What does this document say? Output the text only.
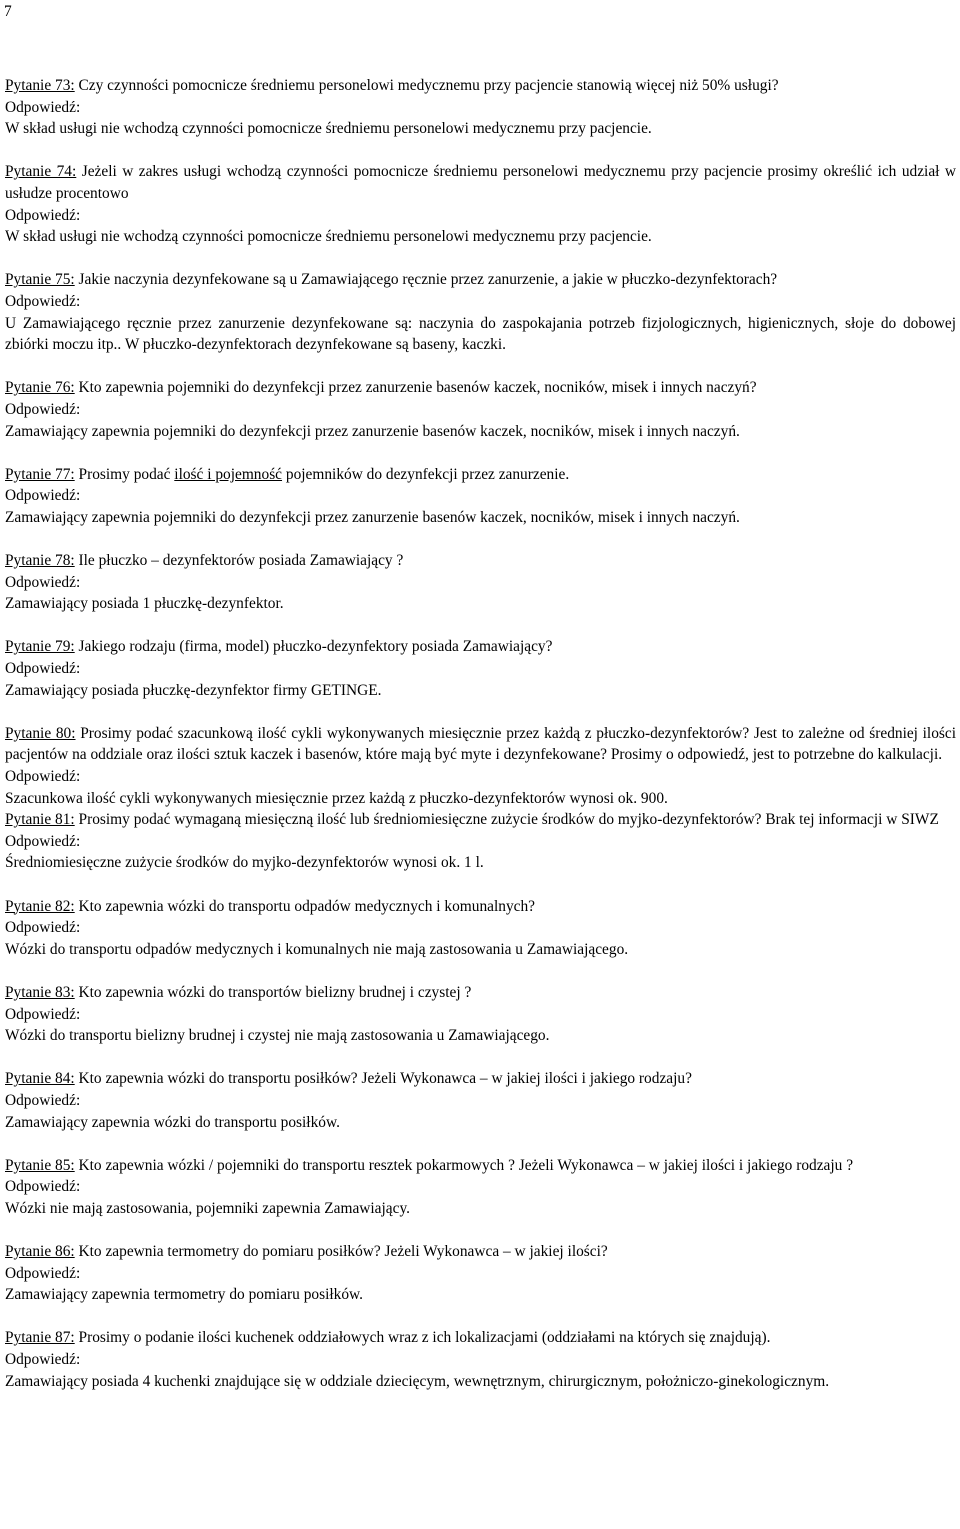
7

Pytanie 73: Czy czynności pomocnicze średniemu personelowi medycznemu przy pacjencie stanowią więcej niż 50% usługi?

Odpowiedź:

W skład usługi nie wchodzą czynności pomocnicze średniemu personelowi medycznemu przy pacjencie.

Pytanie 74: Jeżeli w zakres usługi wchodzą czynności pomocnicze średniemu personelowi medycznemu przy pacjencie prosimy określić ich udział w usłudze procentowo

Odpowiedź:

W skład usługi nie wchodzą czynności pomocnicze średniemu personelowi medycznemu przy pacjencie.

Pytanie 75: Jakie naczynia dezynfekowane są u Zamawiającego ręcznie przez zanurzenie, a jakie w płuczko-dezynfektorach?

Odpowiedź:

U Zamawiającego ręcznie przez zanurzenie dezynfekowane są: naczynia do zaspokajania potrzeb fizjologicznych, higienicznych, słoje do dobowej zbiórki moczu itp.. W płuczko-dezynfektorach dezynfekowane są baseny, kaczki.

Pytanie 76: Kto zapewnia pojemniki do dezynfekcji przez zanurzenie basenów kaczek, nocników, misek i innych naczyń?

Odpowiedź:

Zamawiający zapewnia pojemniki do dezynfekcji przez zanurzenie basenów kaczek, nocników, misek i innych naczyń.

Pytanie 77: Prosimy podać ilość i pojemność pojemników do dezynfekcji przez zanurzenie.

Odpowiedź:

Zamawiający zapewnia pojemniki do dezynfekcji przez zanurzenie basenów kaczek, nocników, misek i innych naczyń.

Pytanie 78: Ile płuczko – dezynfektorów posiada Zamawiający ?

Odpowiedź:

Zamawiający posiada 1 płuczkę-dezynfektor.

Pytanie 79: Jakiego rodzaju (firma, model) płuczko-dezynfektory posiada Zamawiający?

Odpowiedź:

Zamawiający posiada płuczkę-dezynfektor firmy GETINGE.

Pytanie 80: Prosimy podać szacunkową ilość cykli wykonywanych miesięcznie przez każdą z płuczko-dezynfektorów? Jest to zależne od średniej ilości pacjentów na oddziale oraz ilości sztuk kaczek i basenów, które mają być myte i dezynfekowane? Prosimy o odpowiedź, jest to potrzebne do kalkulacji.

Odpowiedź:

Szacunkowa ilość cykli wykonywanych miesięcznie przez każdą z płuczko-dezynfektorów wynosi ok. 900.

Pytanie 81: Prosimy podać wymaganą miesięczną ilość lub średniomiesięczne zużycie środków do myjko-dezynfektorów? Brak tej informacji w SIWZ

Odpowiedź:

Średniomiesięczne zużycie środków do myjko-dezynfektorów wynosi ok. 1 l.

Pytanie 82: Kto zapewnia wózki do transportu odpadów medycznych i komunalnych?

Odpowiedź:

Wózki do transportu odpadów medycznych i komunalnych nie mają zastosowania u Zamawiającego.

Pytanie 83: Kto zapewnia wózki do transportów bielizny brudnej i czystej ?

Odpowiedź:

Wózki do transportu bielizny brudnej i czystej nie mają zastosowania u Zamawiającego.

Pytanie 84: Kto zapewnia wózki do transportu posiłków? Jeżeli Wykonawca – w jakiej ilości i jakiego rodzaju?

Odpowiedź:

Zamawiający zapewnia wózki do transportu posiłków.

Pytanie 85: Kto zapewnia wózki / pojemniki do transportu resztek pokarmowych ? Jeżeli Wykonawca – w jakiej ilości i jakiego rodzaju ?

Odpowiedź:

Wózki nie mają zastosowania, pojemniki zapewnia Zamawiający.

Pytanie 86: Kto zapewnia termometry do pomiaru posiłków? Jeżeli Wykonawca – w jakiej ilości?

Odpowiedź:

Zamawiający zapewnia termometry do pomiaru posiłków.

Pytanie 87: Prosimy o podanie ilości kuchenek oddziałowych wraz z ich lokalizacjami (oddziałami na których się znajdują).

Odpowiedź:

Zamawiający posiada 4 kuchenki znajdujące się w oddziale dziecięcym, wewnętrznym, chirurgicznym, położniczo-ginekologicznym.
